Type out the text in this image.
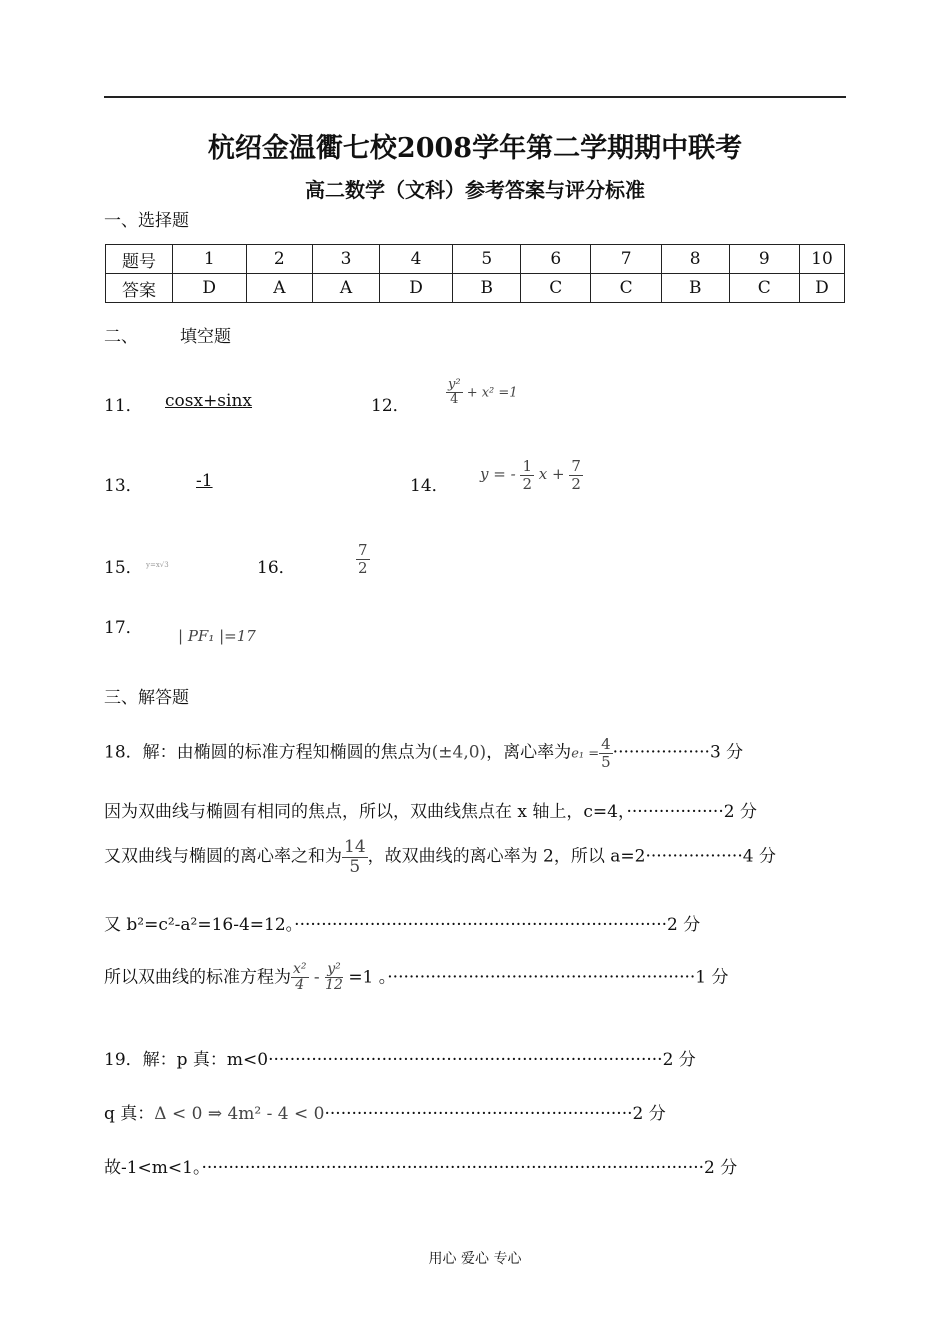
杭绍金温衢七校2008学年第二学期期中联考
高二数学（文科）参考答案与评分标准
一、选择题
题号	1	2	3	4	5	6	7	8	9	10
答案	D	A	A	D	B	C	C	B	C	D
二、 填空题
11．	cosx+sinx	12．	$\frac{\text{y²}}{4} + x^2 =1$
13．	-1	14．
y = - $\frac{1}{2}$ $x + \frac{7}{2}$
15． y=x√3	16．	$\frac{7}{2}$
17． | PF₁ |=17
三、解答题
18．解：由椭圆的标准方程知椭圆的焦点为(±4,0)，离心率为$e_1 = \frac{4}{5} \cdot\cdot\cdot\cdot\cdot\cdot\cdot\cdot\cdot\cdot\cdot\cdot\cdot\cdot\cdot\cdot\cdot\cdot 3$ 分
因为双曲线与椭圆有相同的焦点，所以，双曲线焦点在 x 轴上，c=4，··················2 分
又双曲线与椭圆的离心率之和为 $\frac{14}{5}$ ，故双曲线的离心率为 2，所以 a=2··················4 分
又 b²=c²-a²=16-4=12。·····································································2 分
所以双曲线的标准方程为 $\frac{\text{x²}}{4} - \frac{\text{y²}}{12} =1$ 。·························································1 分
19．解：p 真：m<0·········································································2 分
q 真：Δ < 0 ⇒ 4m² - 4 < 0·························································2 分
故-1<m<1。·····························································································2 分
用心 爱心 专心
